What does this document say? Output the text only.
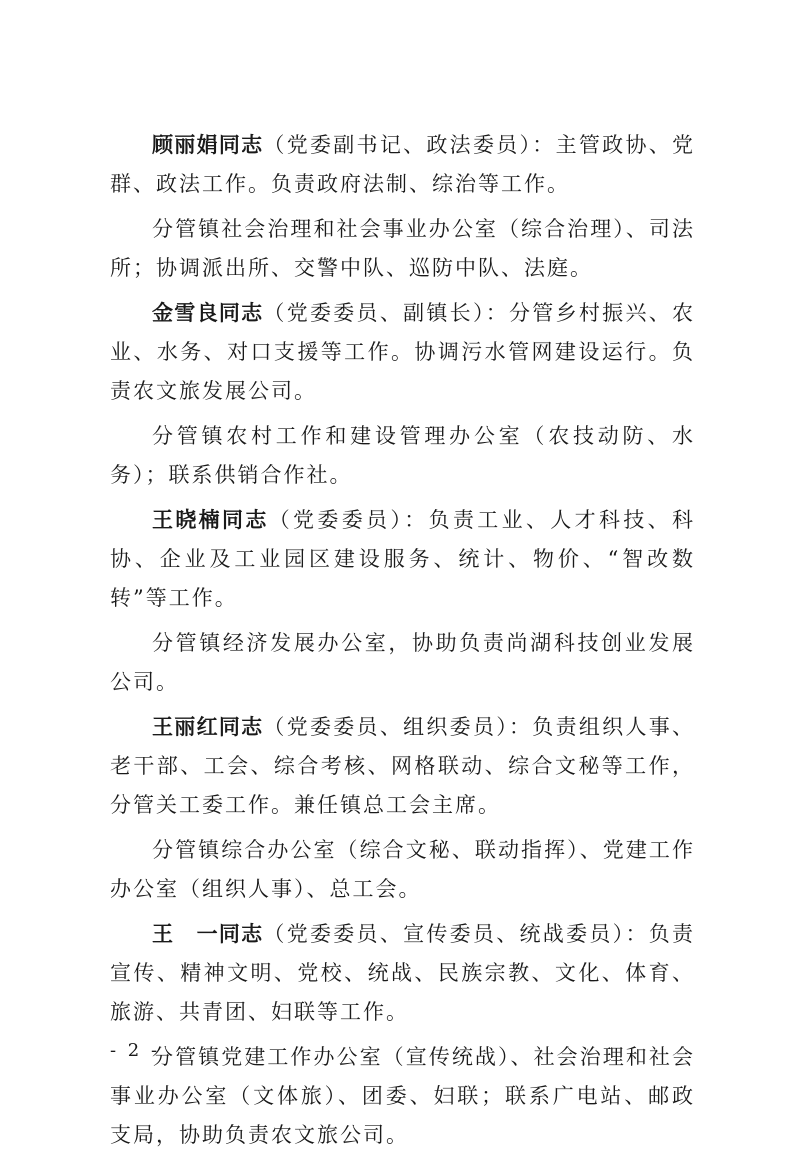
顾丽娟同志（党委副书记、政法委员）：主管政协、党群、政法工作。负责政府法制、综治等工作。

分管镇社会治理和社会事业办公室（综合治理）、司法所；协调派出所、交警中队、巡防中队、法庭。

金雪良同志（党委委员、副镇长）：分管乡村振兴、农业、水务、对口支援等工作。协调污水管网建设运行。负责农文旅发展公司。

分管镇农村工作和建设管理办公室（农技动防、水务）；联系供销合作社。

王晓楠同志（党委委员）：负责工业、人才科技、科协、企业及工业园区建设服务、统计、物价、“智改数转”等工作。

分管镇经济发展办公室，协助负责尚湖科技创业发展公司。

王丽红同志（党委委员、组织委员）：负责组织人事、老干部、工会、综合考核、网格联动、综合文秘等工作，分管关工委工作。兼任镇总工会主席。

分管镇综合办公室（综合文秘、联动指挥）、党建工作办公室（组织人事）、总工会。

王　一同志（党委委员、宣传委员、统战委员）：负责宣传、精神文明、党校、统战、民族宗教、文化、体育、旅游、共青团、妇联等工作。

分管镇党建工作办公室（宣传统战）、社会治理和社会事业办公室（文体旅）、团委、妇联；联系广电站、邮政支局，协助负责农文旅公司。

- 2 -
